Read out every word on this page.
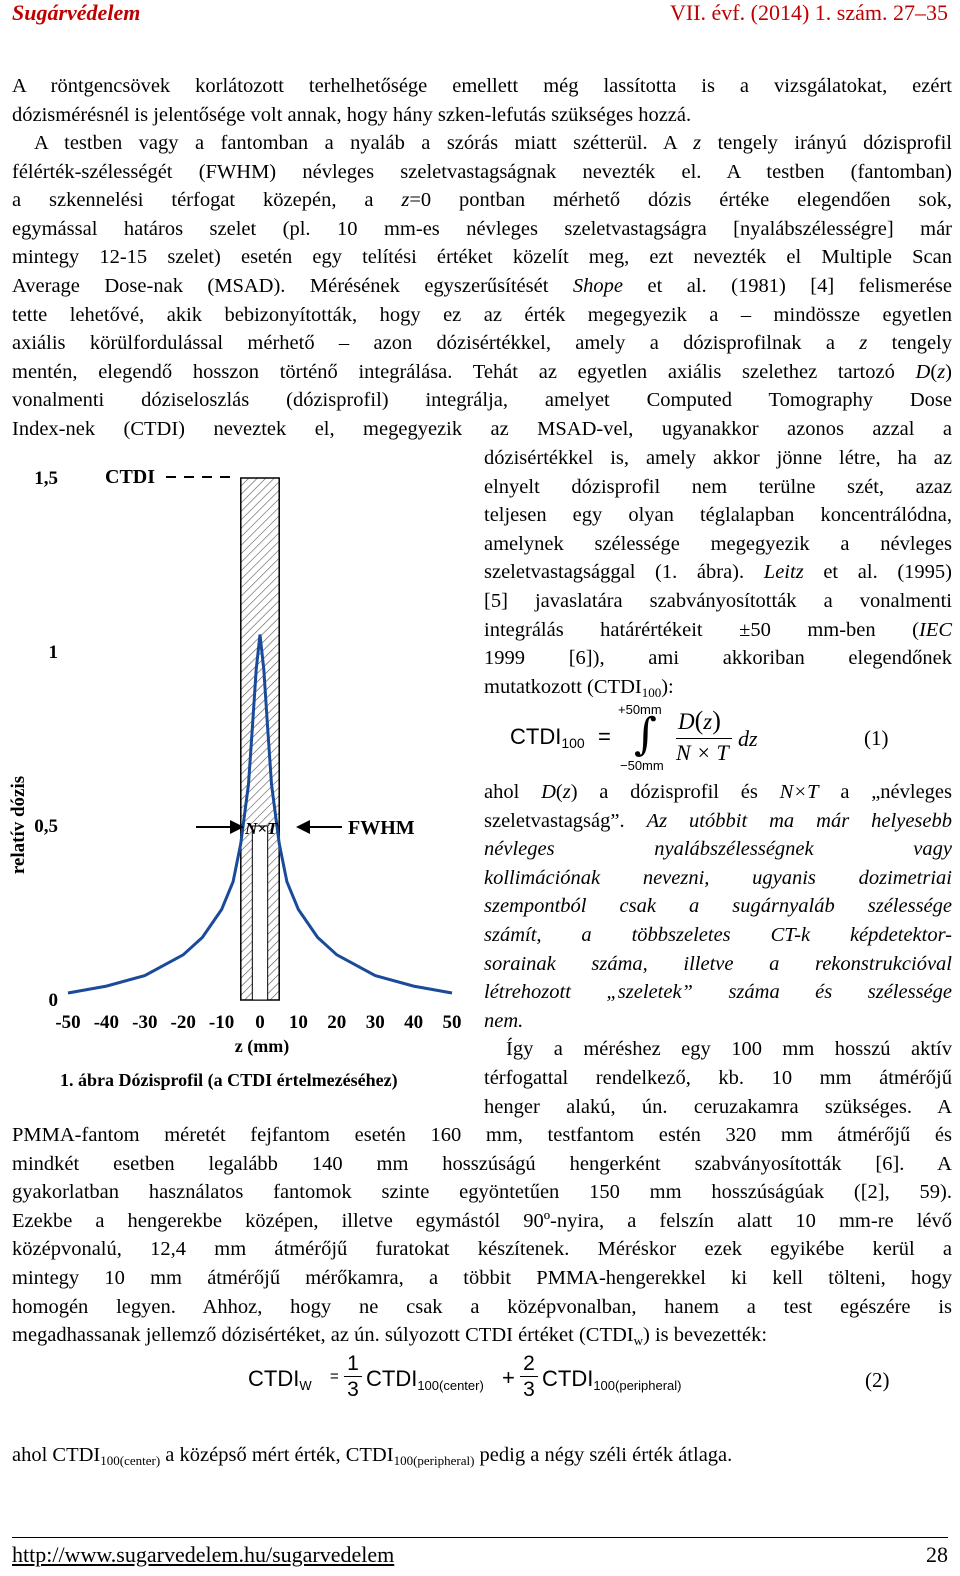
Sugárvédelem	VII. évf. (2014) 1. szám. 27–35
A röntgencsövek korlátozott terhelhetősége emellett még lassította is a vizsgálatokat, ezért
dózismérésnél is jelentősége volt annak, hogy hány szken-lefutás szükséges hozzá.
A testben vagy a fantomban a nyaláb a szórás miatt szétterül. A z tengely irányú dózisprofil
félérték-szélességét (FWHM) névleges szeletvastagságnak nevezték el. A testben (fantomban)
a szkennelési térfogat közepén, a z=0 pontban mérhető dózis értéke elegendően sok,
egymással határos szelet (pl. 10 mm-es névleges szeletvastagságra [nyalábszélességre] már
mintegy 12-15 szelet) esetén egy telítési értéket közelít meg, ezt nevezték el Multiple Scan
Average Dose-nak (MSAD). Mérésének egyszerűsítését Shope et al. (1981) [4] felismerése
tette lehetővé, akik bebizonyították, hogy ez az érték megegyezik a – mindössze egyetlen
axiális körülfordulással mérhető – azon dózisértékkel, amely a dózisprofilnak a z tengely
mentén, elegendő hosszon történő integrálása. Tehát az egyetlen axiális szelethez tartozó D(z)
vonalmenti dóziseloszlás (dózisprofil) integrálja, amelyet Computed Tomography Dose
Index-nek (CTDI) neveztek el, megegyezik az MSAD-vel, ugyanakkor azonos azzal a
0
0,5
1
1,5
-50 -40 -30 -20 -10 0 10 20 30 40 50
relatív dózis
z (mm)
CTDI
FWHM
N×T
1. ábra Dózisprofil (a CTDI értelmezéséhez)
dózisértékkel is, amely akkor jönne létre, ha az
elnyelt dózisprofil nem terülne szét, azaz
teljesen egy olyan téglalapban koncentrálódna,
amelynek szélessége megegyezik a névleges
szeletvastagsággal (1. ábra). Leitz et al. (1995)
[5] javaslatára szabványosították a vonalmenti
integrálás határértékeit ±50 mm-ben (IEC
1999 [6]), ami akkoriban elegendőnek
mutatkozott $(CTDI_{100})$:
$CTDI_{100}$ =
+50mm
∫
−50mm
D(z)
N × T
dz	(1)
ahol D(z) a dózisprofil és N×T a „névleges
szeletvastagság”. Az utóbbit ma már helyesebb
névleges nyalábszélességnek vagy
kollimációnak nevezni, ugyanis dozimetriai
szempontból csak a sugárnyaláb szélessége
számít, a többszeletes CT-k képdetektor-
sorainak száma, illetve a rekonstrukcióval
létrehozott „szeletek” száma és szélessége
nem.
Így a méréshez egy 100 mm hosszú aktív
térfogattal rendelkező, kb. 10 mm átmérőjű
henger alakú, ún. ceruzakamra szükséges. A
PMMA-fantom méretét fejfantom esetén 160 mm, testfantom estén 320 mm átmérőjű és
mindkét esetben legalább 140 mm hosszúságú hengerként szabványosították [6]. A
gyakorlatban használatos fantomok szinte egyöntetűen 150 mm hosszúságúak ([2], 59).
Ezekbe a hengerekbe középen, illetve egymástól 90º-nyira, a felszín alatt 10 mm-re lévő
középvonalú, 12,4 mm átmérőjű furatokat készítenek. Méréskor ezek egyikébe kerül a
mintegy 10 mm átmérőjű mérőkamra, a többit PMMA-hengerekkel ki kell tölteni, hogy
homogén legyen. Ahhoz, hogy ne csak a középvonalban, hanem a test egészére is
megadhassanak jellemző dózisértéket, az ún. súlyozott CTDI értéket $(CTDI_w)$ is bevezették:
$CTDI_W$
=
1
3 $CTDI_{100(center)}$ +
2
3 $CTDI_{100(peripheral)}$	(2)
ahol $CTDI_{100(center)}$ a középső mért érték, $CTDI_{100(peripheral)}$ pedig a négy széli érték átlaga.
http://www.sugarvedelem.hu/sugarvedelem	28
